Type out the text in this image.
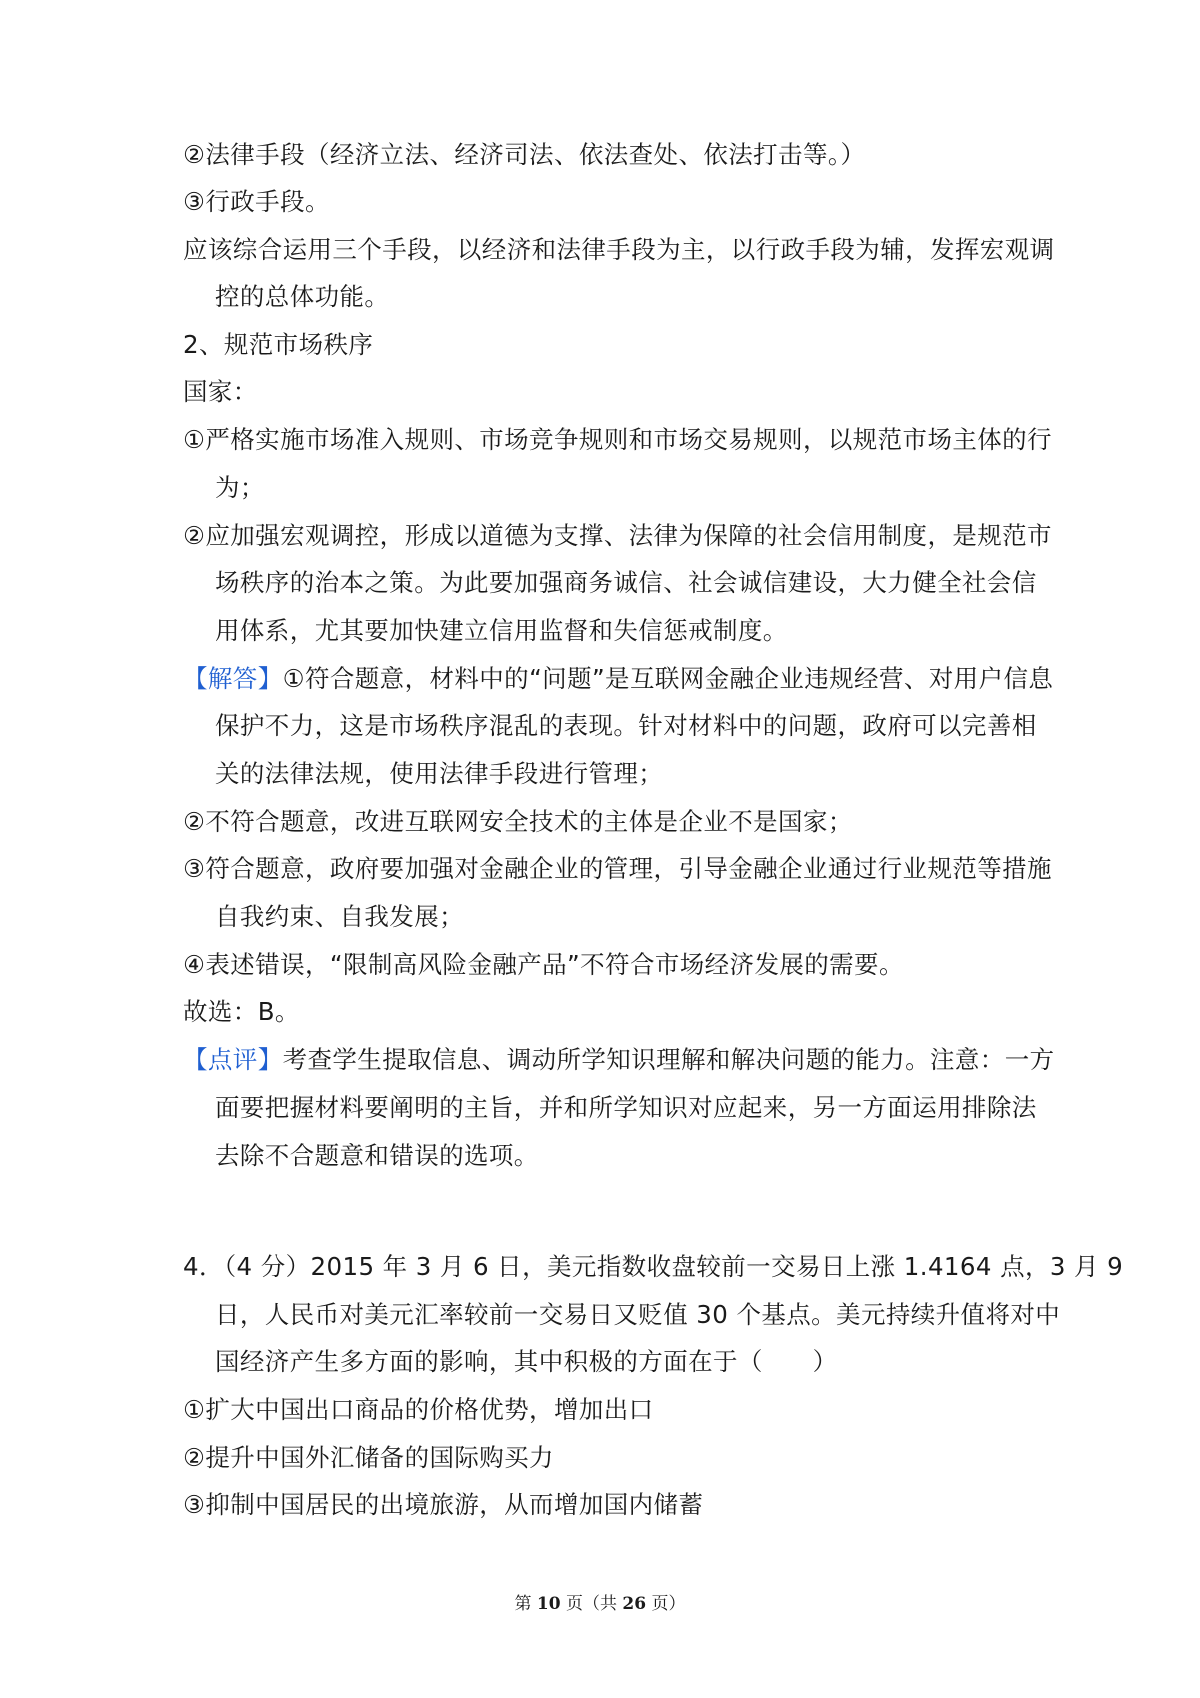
②法律手段（经济立法、经济司法、依法查处、依法打击等。）
③行政手段。
应该综合运用三个手段，以经济和法律手段为主，以行政手段为辅，发挥宏观调
控的总体功能。
2、规范市场秩序
国家：
①严格实施市场准入规则、市场竞争规则和市场交易规则，以规范市场主体的行
为；
②应加强宏观调控，形成以道德为支撑、法律为保障的社会信用制度，是规范市
场秩序的治本之策。为此要加强商务诚信、社会诚信建设，大力健全社会信
用体系，尤其要加快建立信用监督和失信惩戒制度。
【解答】①符合题意，材料中的“问题”是互联网金融企业违规经营、对用户信息
保护不力，这是市场秩序混乱的表现。针对材料中的问题，政府可以完善相
关的法律法规，使用法律手段进行管理；
②不符合题意，改进互联网安全技术的主体是企业不是国家；
③符合题意，政府要加强对金融企业的管理，引导金融企业通过行业规范等措施
自我约束、自我发展；
④表述错误，“限制高风险金融产品”不符合市场经济发展的需要。
故选：B。
【点评】考查学生提取信息、调动所学知识理解和解决问题的能力。注意：一方
面要把握材料要阐明的主旨，并和所学知识对应起来，另一方面运用排除法
去除不合题意和错误的选项。
4．（4 分）2015 年 3 月 6 日，美元指数收盘较前一交易日上涨 1.4164 点，3 月 9
日，人民币对美元汇率较前一交易日又贬值 30 个基点。美元持续升值将对中
国经济产生多方面的影响，其中积极的方面在于（　　）
①扩大中国出口商品的价格优势，增加出口
②提升中国外汇储备的国际购买力
③抑制中国居民的出境旅游，从而增加国内储蓄
第 10 页（共 26 页）
